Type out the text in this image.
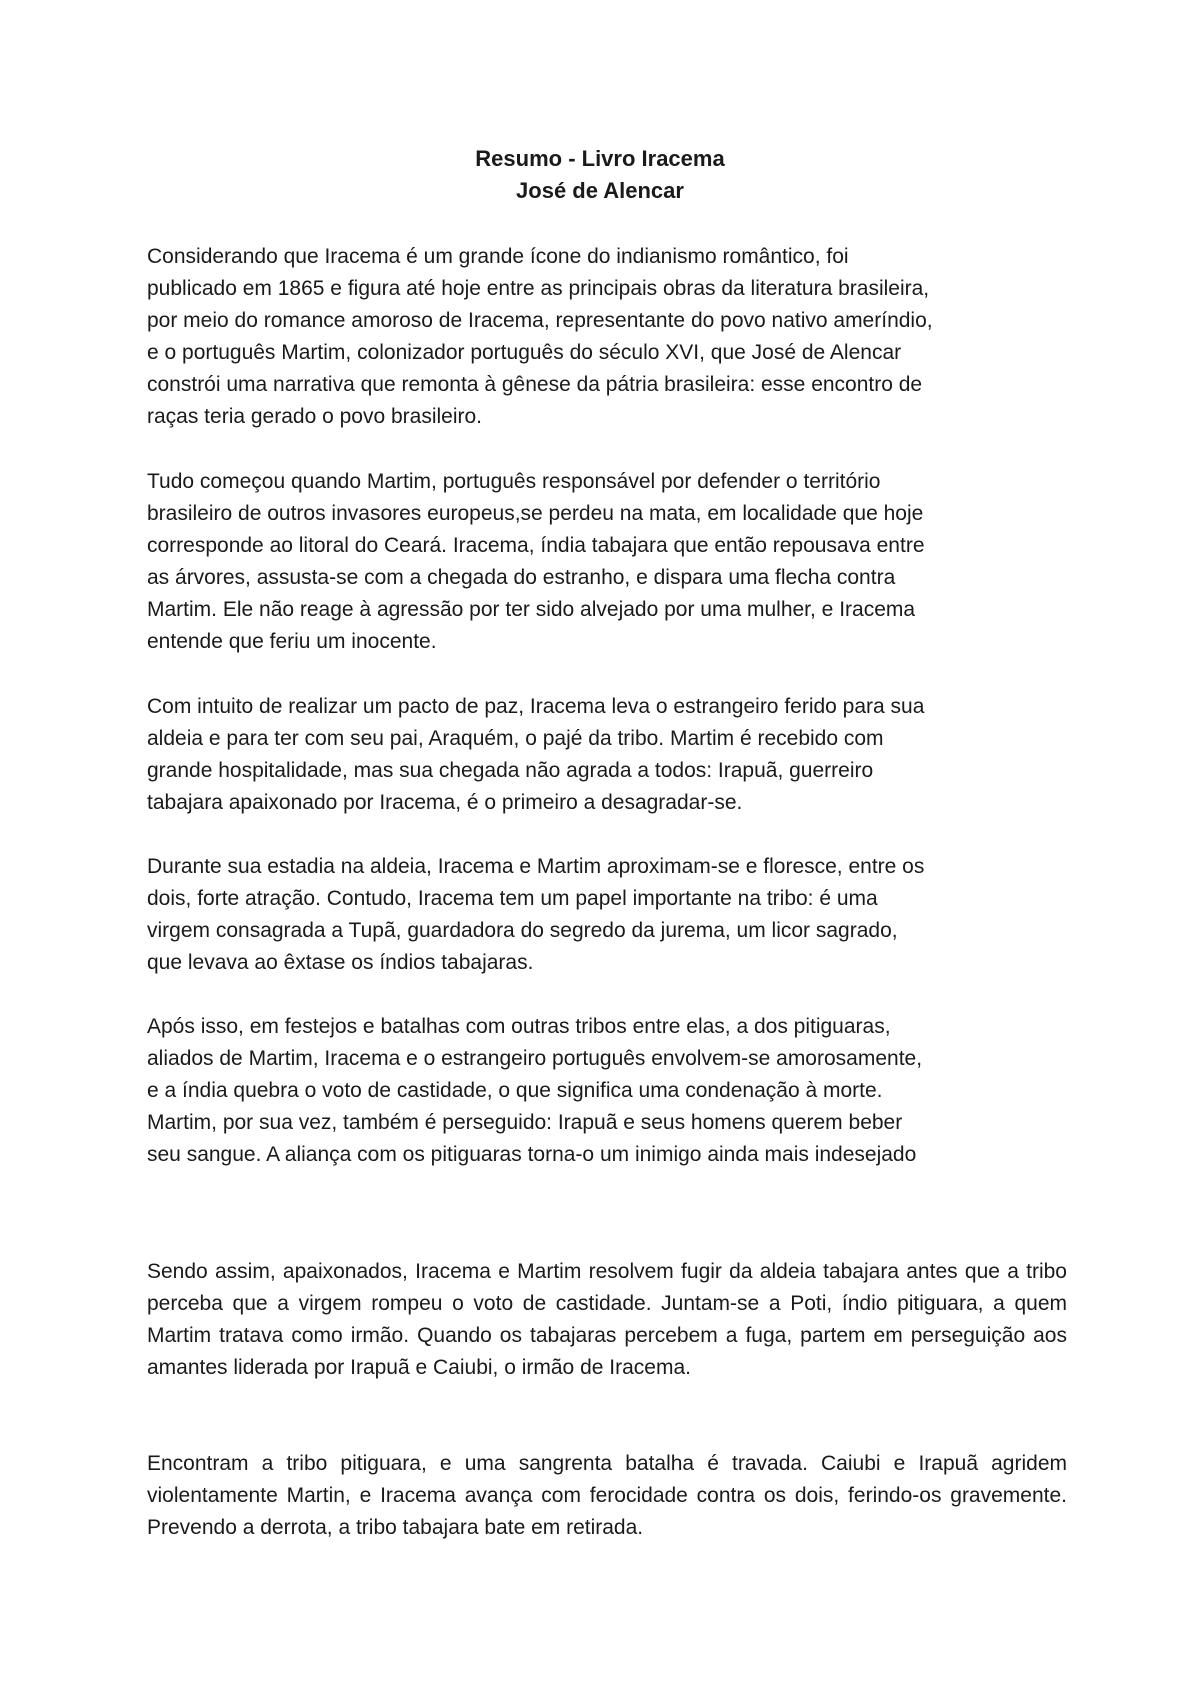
Resumo - Livro Iracema
José de Alencar

Considerando que Iracema é um grande ícone do indianismo romântico, foi
publicado em 1865 e figura até hoje entre as principais obras da literatura brasileira,
por meio do romance amoroso de Iracema, representante do povo nativo ameríndio,
e o português Martim, colonizador português do século XVI, que José de Alencar
constrói uma narrativa que remonta à gênese da pátria brasileira: esse encontro de
raças teria gerado o povo brasileiro.

Tudo começou quando Martim, português responsável por defender o território
brasileiro de outros invasores europeus,se perdeu na mata, em localidade que hoje
corresponde ao litoral do Ceará. Iracema, índia tabajara que então repousava entre
as árvores, assusta-se com a chegada do estranho, e dispara uma flecha contra
Martim. Ele não reage à agressão por ter sido alvejado por uma mulher, e Iracema
entende que feriu um inocente.

Com intuito de realizar um pacto de paz, Iracema leva o estrangeiro ferido para sua
aldeia e para ter com seu pai, Araquém, o pajé da tribo. Martim é recebido com
grande hospitalidade, mas sua chegada não agrada a todos: Irapuã, guerreiro
tabajara apaixonado por Iracema, é o primeiro a desagradar-se.

Durante sua estadia na aldeia, Iracema e Martim aproximam-se e floresce, entre os
dois, forte atração. Contudo, Iracema tem um papel importante na tribo: é uma
virgem consagrada a Tupã, guardadora do segredo da jurema, um licor sagrado,
que levava ao êxtase os índios tabajaras.

Após isso, em festejos e batalhas com outras tribos entre elas, a dos pitiguaras,
aliados de Martim, Iracema e o estrangeiro português envolvem-se amorosamente,
e a índia quebra o voto de castidade, o que significa uma condenação à morte.
Martim, por sua vez, também é perseguido: Irapuã e seus homens querem beber
seu sangue. A aliança com os pitiguaras torna-o um inimigo ainda mais indesejado

Sendo assim, apaixonados, Iracema e Martim resolvem fugir da aldeia tabajara antes que a tribo perceba que a virgem rompeu o voto de castidade. Juntam-se a Poti, índio pitiguara, a quem Martim tratava como irmão. Quando os tabajaras percebem a fuga, partem em perseguição aos amantes liderada por Irapuã e Caiubi, o irmão de Iracema.

Encontram a tribo pitiguara, e uma sangrenta batalha é travada. Caiubi e Irapuã agridem violentamente Martin, e Iracema avança com ferocidade contra os dois, ferindo-os gravemente. Prevendo a derrota, a tribo tabajara bate em retirada.
